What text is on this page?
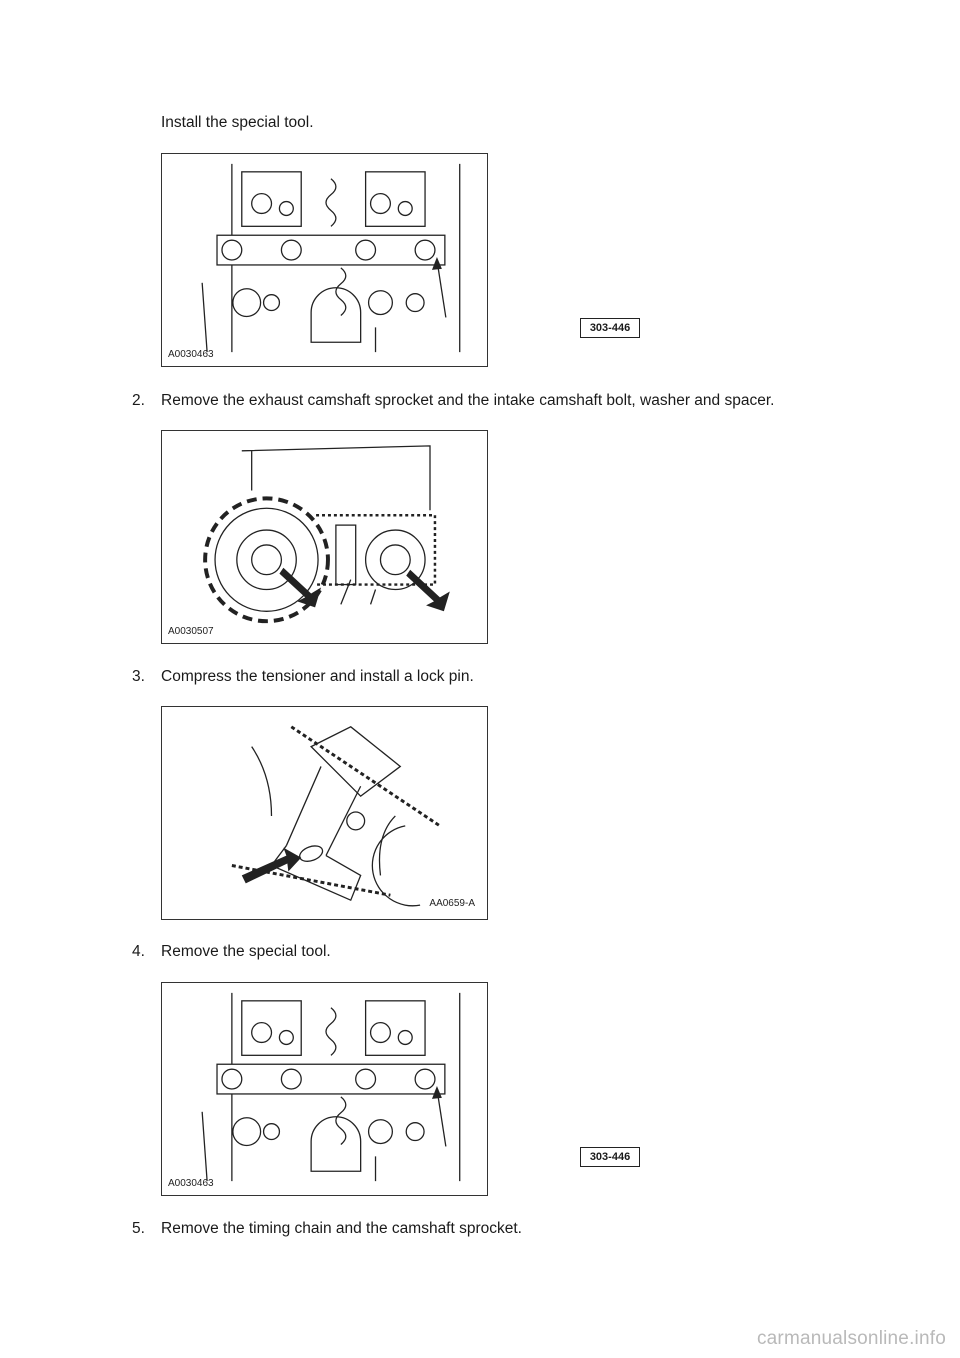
Install the special tool.
303-446
A0030463
2. Remove the exhaust camshaft sprocket and the intake camshaft bolt, washer and spacer.
A0030507
3. Compress the tensioner and install a lock pin.
AA0659-A
4. Remove the special tool.
303-446
A0030463
5. Remove the timing chain and the camshaft sprocket.
carmanualsonline.info
